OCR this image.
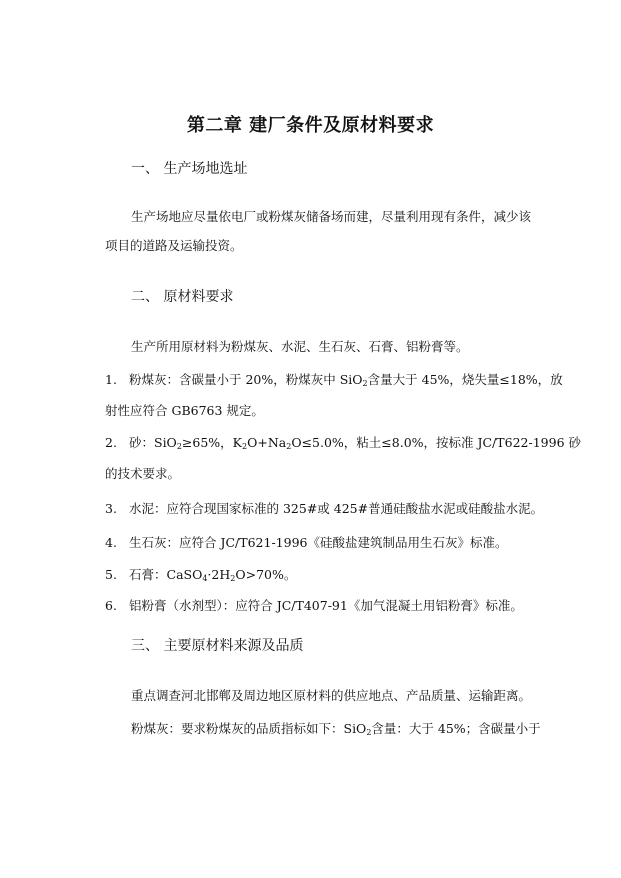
第二章 建厂条件及原材料要求
一、 生产场地选址
生产场地应尽量依电厂或粉煤灰储备场而建，尽量利用现有条件，减少该
项目的道路及运输投资。
二、 原材料要求
生产所用原材料为粉煤灰、水泥、生石灰、石膏、铝粉膏等。
1. 粉煤灰：含碳量小于 20%，粉煤灰中 SiO$_2$含量大于 45%，烧失量≤18%，放
射性应符合 GB6763 规定。
2. 砂：SiO$_2$≥65%，$K_2O+Na_2O\le 5.0\%$，粘土≤8.0%，按标准 JC/T622-1996 砂
的技术要求。
3. 水泥：应符合现国家标准的 325#或 425#普通硅酸盐水泥或硅酸盐水泥。
4. 生石灰：应符合 JC/T621-1996《硅酸盐建筑制品用生石灰》标准。
5. 石膏：$CaSO_4\cdot 2H_2O>70\%$。
6. 铝粉膏（水剂型）：应符合 JC/T407-91《加气混凝土用铝粉膏》标准。
三、 主要原材料来源及品质
重点调查河北邯郸及周边地区原材料的供应地点、产品质量、运输距离。
粉煤灰：要求粉煤灰的品质指标如下：SiO$_2$含量：大于 45%；含碳量小于
